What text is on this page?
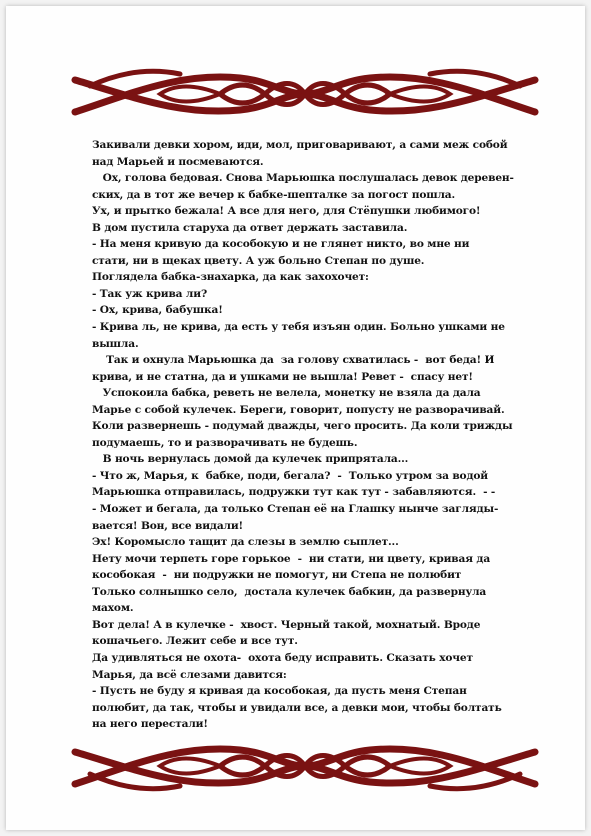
Закивали девки хором, иди, мол, приговаривают, а сами меж собой
над Марьей и посмеваются.
Ох, голова бедовая. Снова Марьюшка послушалась девок деревен-
ских, да в тот же вечер к бабке-шепталке за погост пошла.
Ух, и прытко бежала! А все для него, для Стёпушки любимого!
В дом пустила старуха да ответ держать заставила.
- На меня кривую да кособокую и не глянет никто, во мне ни
стати, ни в щеках цвету. А уж больно Степан по душе.
Поглядела бабка-знахарка, да как захохочет:
- Так уж крива ли?
- Ох, крива, бабушка!
- Крива ль, не крива, да есть у тебя изъян один. Больно ушками не
вышла.
Так и охнула Марьюшка да  за голову схватилась -  вот беда! И
крива, и не статна, да и ушками не вышла! Ревет -  спасу нет!
Успокоила бабка, реветь не велела, монетку не взяла да дала
Марье с собой кулечек. Береги, говорит, попусту не разворачивай.
Коли развернешь - подумай дважды, чего просить. Да коли трижды
подумаешь, то и разворачивать не будешь.
В ночь вернулась домой да кулечек припрятала...
- Что ж, Марья, к  бабке, поди, бегала?  -  Только утром за водой
Марьюшка отправилась, подружки тут как тут - забавляются.  - -
- Может и бегала, да только Степан её на Глашку нынче загляды-
вается! Вон, все видали!
Эх! Коромысло тащит да слезы в землю сыплет...
Нету мочи терпеть горе горькое  -  ни стати, ни цвету, кривая да
кособокая  -  ни подружки не помогут, ни Степа не полюбит
Только солнышко село,  достала кулечек бабкин, да развернула
махом.
Вот дела! А в кулечке -  хвост. Черный такой, мохнатый. Вроде
кошачьего. Лежит себе и все тут.
Да удивляться не охота-  охота беду исправить. Сказать хочет
Марья, да всё слезами давится:
- Пусть не буду я кривая да кособокая, да пусть меня Степан
полюбит, да так, чтобы и увидали все, а девки мои, чтобы болтать
на него перестали!
